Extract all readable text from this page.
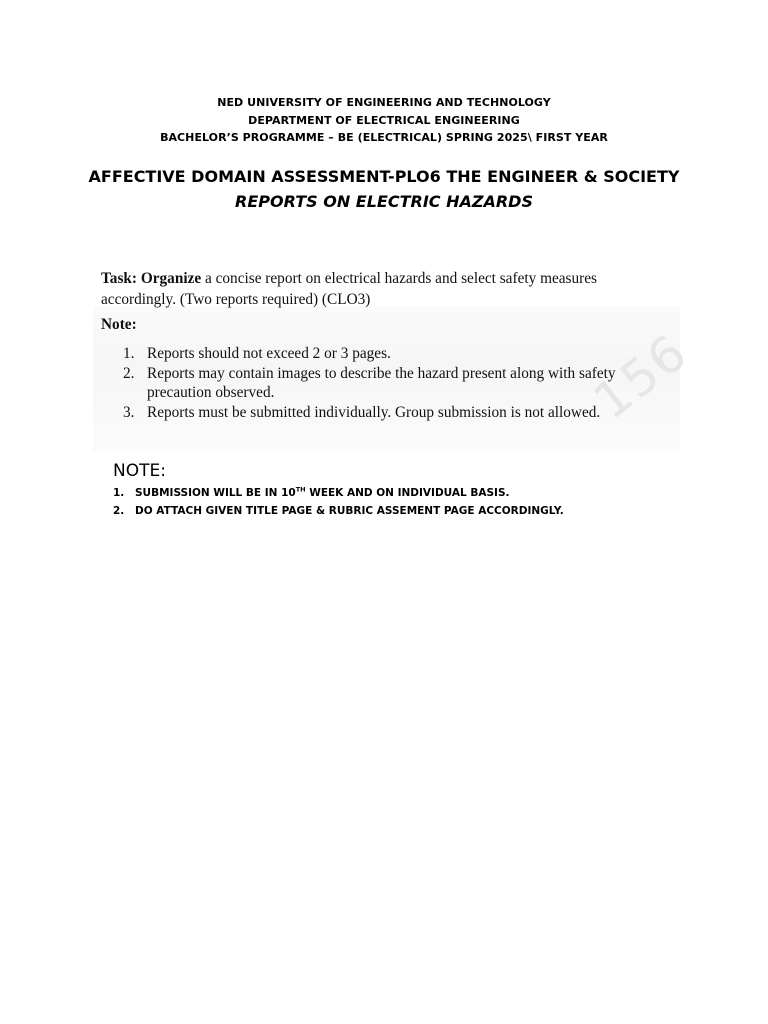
NED UNIVERSITY OF ENGINEERING AND TECHNOLOGY
DEPARTMENT OF ELECTRICAL ENGINEERING
BACHELOR’S PROGRAMME – BE (ELECTRICAL) SPRING 2025\ FIRST YEAR
AFFECTIVE DOMAIN ASSESSMENT-PLO6 THE ENGINEER & SOCIETY
REPORTS ON ELECTRIC HAZARDS
Task: Organize a concise report on electrical hazards and select safety measures accordingly. (Two reports required) (CLO3)
Note:
1. Reports should not exceed 2 or 3 pages.
2. Reports may contain images to describe the hazard present along with safety precaution observed.
3. Reports must be submitted individually. Group submission is not allowed.
156
NOTE:
1. SUBMISSION WILL BE IN 10TH WEEK AND ON INDIVIDUAL BASIS.
2. DO ATTACH GIVEN TITLE PAGE & RUBRIC ASSEMENT PAGE ACCORDINGLY.
